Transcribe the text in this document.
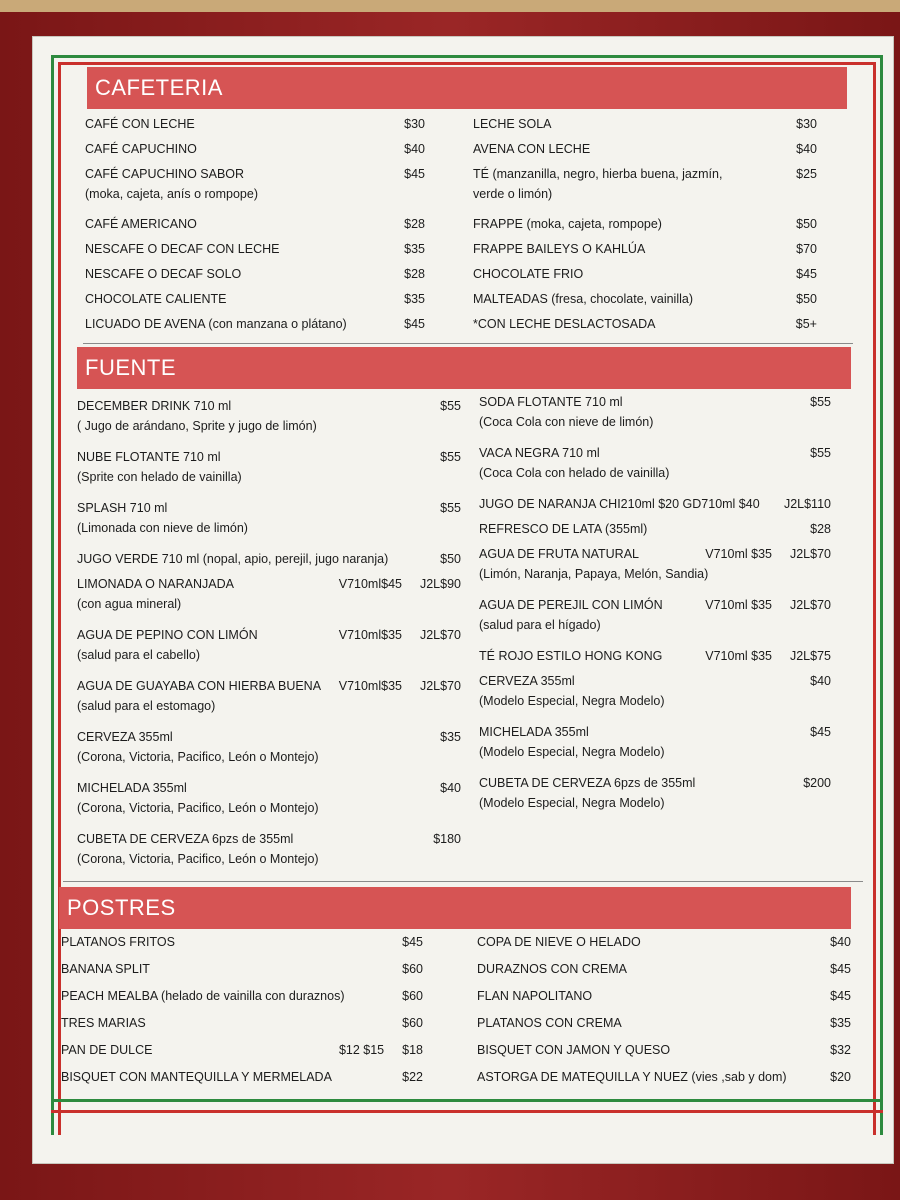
CAFETERIA
CAFÉ CON LECHE	$30
CAFÉ CAPUCHINO	$40
CAFÉ CAPUCHINO SABOR	$45
(moka, cajeta, anís o rompope)
CAFÉ AMERICANO	$28
NESCAFE O DECAF CON LECHE	$35
NESCAFE O DECAF SOLO	$28
CHOCOLATE CALIENTE	$35
LICUADO DE AVENA (con manzana o plátano)	$45
LECHE SOLA	$30
AVENA CON LECHE	$40
TÉ (manzanilla, negro, hierba buena, jazmín,	$25
verde o limón)
FRAPPE (moka, cajeta, rompope)	$50
FRAPPE BAILEYS O KAHLÚA	$70
CHOCOLATE FRIO	$45
MALTEADAS (fresa, chocolate, vainilla)	$50
*CON LECHE DESLACTOSADA	$5+
FUENTE
DECEMBER DRINK 710 ml	$55
( Jugo de arándano, Sprite y jugo de limón)
NUBE FLOTANTE 710 ml	$55
(Sprite con helado de vainilla)
SPLASH 710 ml	$55
(Limonada con nieve de limón)
JUGO VERDE 710 ml (nopal, apio, perejil, jugo naranja)	$50
LIMONADA O NARANJADA	V710ml$45 J2L$90
(con agua mineral)
AGUA DE PEPINO CON LIMÓN	V710ml$35 J2L$70
(salud para el cabello)
AGUA DE GUAYABA CON HIERBA BUENA	V710ml$35 J2L$70
(salud para el estomago)
CERVEZA 355ml	$35
(Corona, Victoria, Pacifico, León o Montejo)
MICHELADA 355ml	$40
(Corona, Victoria, Pacifico, León o Montejo)
CUBETA DE CERVEZA 6pzs de 355ml	$180
(Corona, Victoria, Pacifico, León o Montejo)
SODA FLOTANTE 710 ml	$55
(Coca Cola con nieve de limón)
VACA NEGRA 710 ml	$55
(Coca Cola con helado de vainilla)
JUGO DE NARANJA CHI210ml $20 GD710ml $40	J2L$110
REFRESCO DE LATA (355ml)	$28
AGUA DE FRUTA NATURAL	V710ml $35 J2L$70
(Limón, Naranja, Papaya, Melón, Sandia)
AGUA DE PEREJIL CON LIMÓN	V710ml $35 J2L$70
(salud para el hígado)
TÉ ROJO ESTILO HONG KONG	V710ml $35 J2L$75
CERVEZA 355ml	$40
(Modelo Especial, Negra Modelo)
MICHELADA 355ml	$45
(Modelo Especial, Negra Modelo)
CUBETA DE CERVEZA 6pzs de 355ml	$200
(Modelo Especial, Negra Modelo)
POSTRES
PLATANOS FRITOS	$45
BANANA SPLIT	$60
PEACH MEALBA (helado de vainilla con duraznos)	$60
TRES MARIAS	$60
PAN DE DULCE	$12 $15 $18
BISQUET CON MANTEQUILLA Y MERMELADA	$22
COPA DE NIEVE O HELADO	$40
DURAZNOS CON CREMA	$45
FLAN NAPOLITANO	$45
PLATANOS CON CREMA	$35
BISQUET CON JAMON Y QUESO	$32
ASTORGA DE MATEQUILLA Y NUEZ (vies ,sab y dom)	$20
